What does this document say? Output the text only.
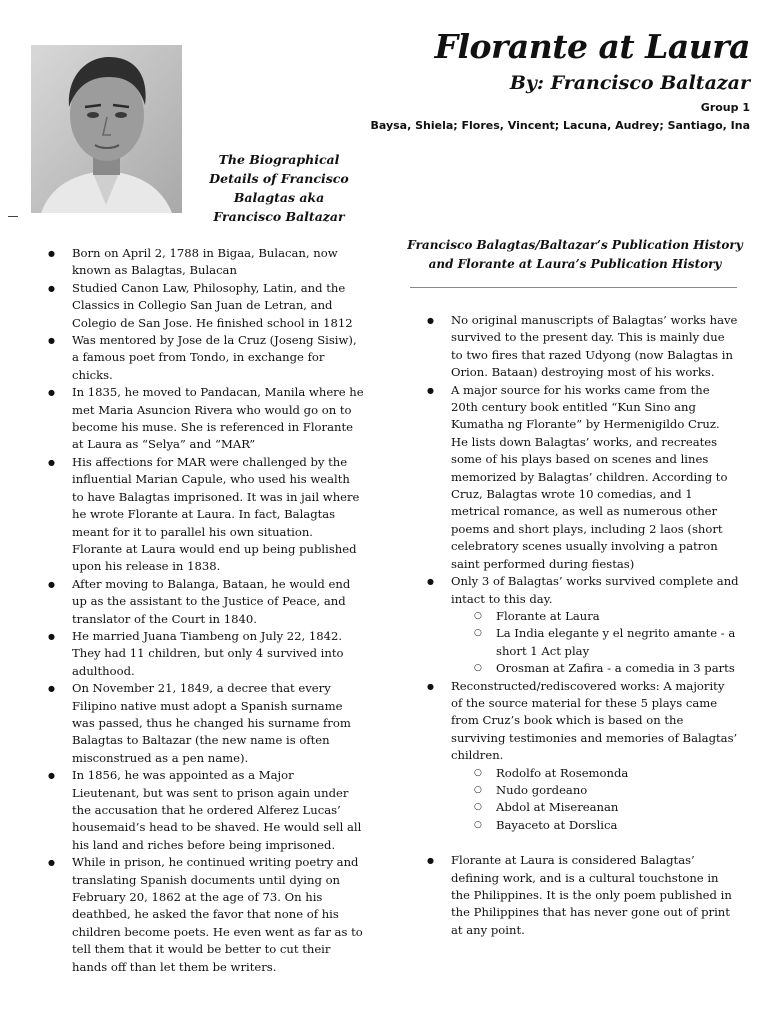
Florante at Laura
By: Francisco Baltazar
Group 1
Baysa, Shiela; Flores, Vincent; Lacuna, Audrey; Santiago, Ina
The Biographical Details of Francisco Balagtas aka Francisco Baltazar
Francisco Balagtas/Baltazar’s Publication History and Florante at Laura’s Publication History
● Born on April 2, 1788 in Bigaa, Bulacan, now known as Balagtas, Bulacan
● Studied Canon Law, Philosophy, Latin, and the Classics in Collegio San Juan de Letran, and Colegio de San Jose. He finished school in 1812
● Was mentored by Jose de la Cruz (Joseng Sisiw), a famous poet from Tondo, in exchange for chicks.
● In 1835, he moved to Pandacan, Manila where he met Maria Asuncion Rivera who would go on to become his muse. She is referenced in Florante at Laura as “Selya” and “MAR”
● His affections for MAR were challenged by the influential Marian Capule, who used his wealth to have Balagtas imprisoned. It was in jail where he wrote Florante at Laura. In fact, Balagtas meant for it to parallel his own situation. Florante at Laura would end up being published upon his release in 1838.
● After moving to Balanga, Bataan, he would end up as the assistant to the Justice of Peace, and translator of the Court in 1840.
● He married Juana Tiambeng on July 22, 1842. They had 11 children, but only 4 survived into adulthood.
● On November 21, 1849, a decree that every Filipino native must adopt a Spanish surname was passed, thus he changed his surname from Balagtas to Baltazar (the new name is often misconstrued as a pen name).
● In 1856, he was appointed as a Major Lieutenant, but was sent to prison again under the accusation that he ordered Alferez Lucas’ housemaid’s head to be shaved. He would sell all his land and riches before being imprisoned.
● While in prison, he continued writing poetry and translating Spanish documents until dying on February 20, 1862 at the age of 73. On his deathbed, he asked the favor that none of his children become poets. He even went as far as to tell them that it would be better to cut their hands off than let them be writers.
● No original manuscripts of Balagtas’ works have survived to the present day. This is mainly due to two fires that razed Udyong (now Balagtas in Orion. Bataan) destroying most of his works.
● A major source for his works came from the 20th century book entitled “Kun Sino ang Kumatha ng Florante” by Hermenigildo Cruz. He lists down Balagtas’ works, and recreates some of his plays based on scenes and lines memorized by Balagtas’ children. According to Cruz, Balagtas wrote 10 comedias, and 1 metrical romance, as well as numerous other poems and short plays, including 2 laos (short celebratory scenes usually involving a patron saint performed during fiestas)
● Only 3 of Balagtas’ works survived complete and intact to this day.
○ Florante at Laura
○ La India elegante y el negrito amante - a short 1 Act play
○ Orosman at Zafira - a comedia in 3 parts
● Reconstructed/rediscovered works: A majority of the source material for these 5 plays came from Cruz’s book which is based on the surviving testimonies and memories of Balagtas’ children.
○ Rodolfo at Rosemonda
○ Nudo gordeano
○ Abdol at Misereanan
○ Bayaceto at Dorslica
● Florante at Laura is considered Balagtas’ defining work, and is a cultural touchstone in the Philippines. It is the only poem published in the Philippines that has never gone out of print at any point.
